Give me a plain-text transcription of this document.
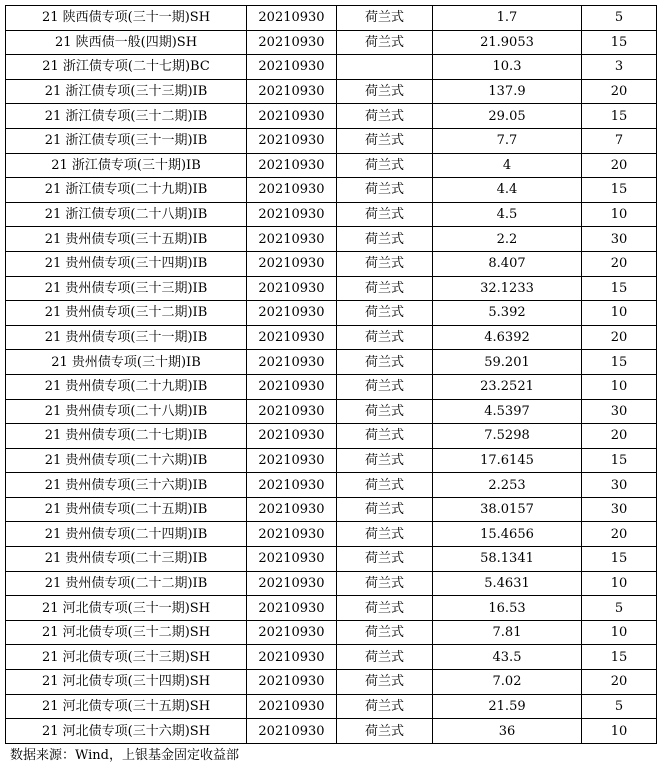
21 陕西债专项(三十一期)SH	20210930	荷兰式	1.7	5
21 陕西债一般(四期)SH	20210930	荷兰式	21.9053	15
21 浙江债专项(二十七期)BC	20210930		10.3	3
21 浙江债专项(三十三期)IB	20210930	荷兰式	137.9	20
21 浙江债专项(三十二期)IB	20210930	荷兰式	29.05	15
21 浙江债专项(三十一期)IB	20210930	荷兰式	7.7	7
21 浙江债专项(三十期)IB	20210930	荷兰式	4	20
21 浙江债专项(二十九期)IB	20210930	荷兰式	4.4	15
21 浙江债专项(二十八期)IB	20210930	荷兰式	4.5	10
21 贵州债专项(三十五期)IB	20210930	荷兰式	2.2	30
21 贵州债专项(三十四期)IB	20210930	荷兰式	8.407	20
21 贵州债专项(三十三期)IB	20210930	荷兰式	32.1233	15
21 贵州债专项(三十二期)IB	20210930	荷兰式	5.392	10
21 贵州债专项(三十一期)IB	20210930	荷兰式	4.6392	20
21 贵州债专项(三十期)IB	20210930	荷兰式	59.201	15
21 贵州债专项(二十九期)IB	20210930	荷兰式	23.2521	10
21 贵州债专项(二十八期)IB	20210930	荷兰式	4.5397	30
21 贵州债专项(二十七期)IB	20210930	荷兰式	7.5298	20
21 贵州债专项(二十六期)IB	20210930	荷兰式	17.6145	15
21 贵州债专项(三十六期)IB	20210930	荷兰式	2.253	30
21 贵州债专项(二十五期)IB	20210930	荷兰式	38.0157	30
21 贵州债专项(二十四期)IB	20210930	荷兰式	15.4656	20
21 贵州债专项(二十三期)IB	20210930	荷兰式	58.1341	15
21 贵州债专项(二十二期)IB	20210930	荷兰式	5.4631	10
21 河北债专项(三十一期)SH	20210930	荷兰式	16.53	5
21 河北债专项(三十二期)SH	20210930	荷兰式	7.81	10
21 河北债专项(三十三期)SH	20210930	荷兰式	43.5	15
21 河北债专项(三十四期)SH	20210930	荷兰式	7.02	20
21 河北债专项(三十五期)SH	20210930	荷兰式	21.59	5
21 河北债专项(三十六期)SH	20210930	荷兰式	36	10
数据来源：Wind，上银基金固定收益部
